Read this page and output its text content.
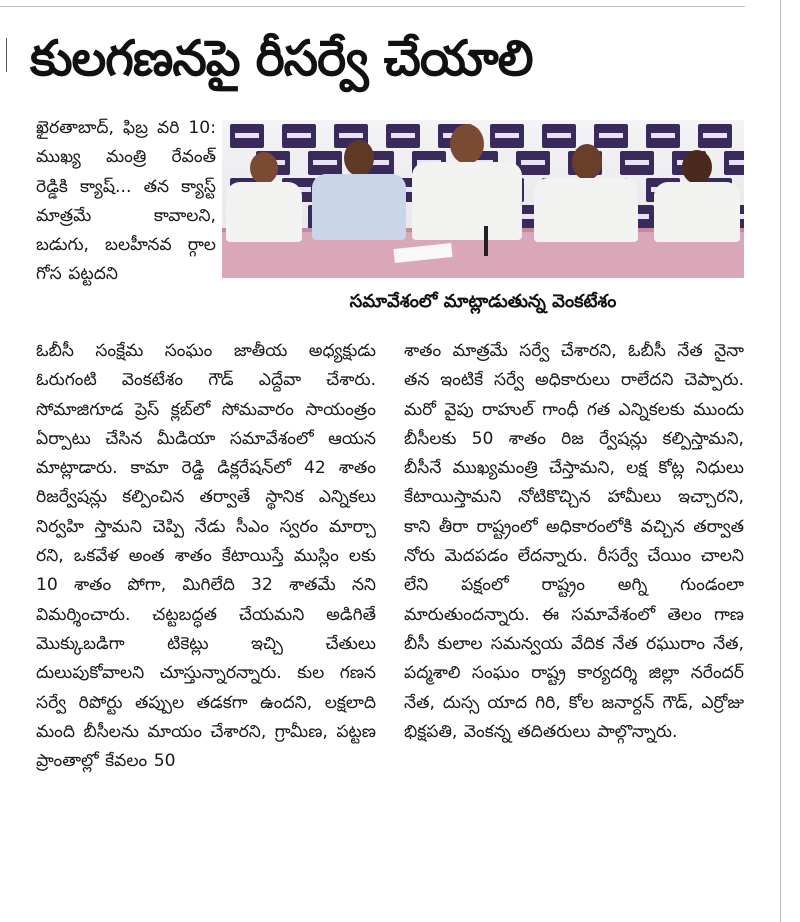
కులగణనపై రీసర్వే చేయాలి
ఖైరతాబాద్‌, ఫిబ్ర వరి 10: ముఖ్య మంత్రి రేవంత్‌ రెడ్డికి క్యాష్‌... తన క్యాస్ట్‌ మాత్రమే కావాలని, బడుగు, బలహీనవ ర్గాల గోస పట్టదని
సమావేశంలో మాట్లాడుతున్న వెంకటేశం
ఓబీసీ సంక్షేమ సంఘం జాతీయ అధ్యక్షుడు ఓరుగంటి వెంకటేశం గౌడ్‌ ఎద్దేవా చేశారు. సోమాజిగూడ ప్రెస్‌ క్లబ్‌లో సోమవారం సాయంత్రం ఏర్పాటు చేసిన మీడియా సమావేశంలో ఆయన మాట్లాడారు. కామా రెడ్డి డిక్లరేషన్‌లో 42 శాతం రిజర్వేషన్లు కల్పించిన తర్వాతే స్థానిక ఎన్నికలు నిర్వహి స్తామని చెప్పి నేడు సీఎం స్వరం మార్చా రని, ఒకవేళ అంత శాతం కేటాయిస్తే ముస్లిం లకు 10 శాతం పోగా, మిగిలేది 32 శాతమే నని విమర్శించారు. చట్టబద్ధత చేయమని అడిగితే మొక్కుబడిగా టికెట్లు ఇచ్చి చేతులు దులుపుకోవాలని చూస్తున్నారన్నారు. కుల గణన సర్వే రిపోర్టు తప్పుల తడకగా ఉందని, లక్షలాది మంది బీసీలను మాయం చేశారని, గ్రామీణ, పట్టణ ప్రాంతాల్లో కేవలం 50
శాతం మాత్రమే సర్వే చేశారని, ఓబీసీ నేత నైనా తన ఇంటికే సర్వే అధికారులు రాలేదని చెప్పారు. మరో వైపు రాహుల్‌ గాంధీ గత ఎన్నికలకు ముందు బీసీలకు 50 శాతం రిజ ర్వేషన్లు కల్పిస్తామని, బీసీనే ముఖ్యమంత్రి చేస్తామని, లక్ష కోట్ల నిధులు కేటాయిస్తామని నోటికొచ్చిన హామీలు ఇచ్చారని, కాని తీరా రాష్ట్రంలో అధికారంలోకి వచ్చిన తర్వాత నోరు మెదపడం లేదన్నారు. రీసర్వే చేయిం చాలని లేని పక్షంలో రాష్ట్రం అగ్ని గుండంలా మారుతుందన్నారు. ఈ సమావేశంలో తెలం గాణ బీసీ కులాల సమన్వయ వేదిక నేత రఘురాం నేత, పద్మశాలి సంఘం రాష్ట్ర కార్యదర్శి జిల్లా నరేందర్‌ నేత, దుస్స యాద గిరి, కోల జనార్దన్‌ గౌడ్‌, ఎర్రోజు భిక్షపతి, వెంకన్న తదితరులు పాల్గొన్నారు.
